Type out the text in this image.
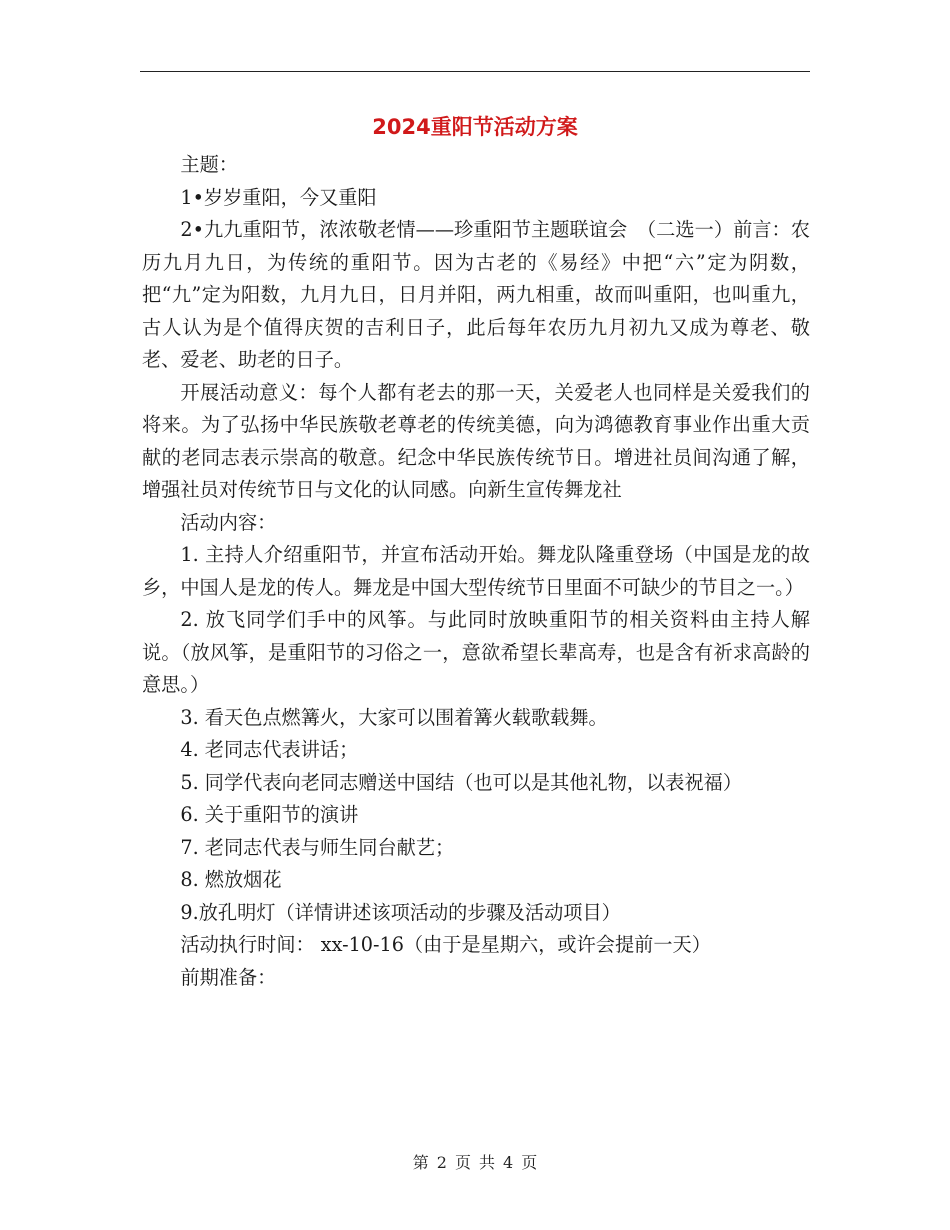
2024重阳节活动方案

主题：

1•岁岁重阳，今又重阳

2•九九重阳节，浓浓敬老情——珍重阳节主题联谊会　（二选一）前言：农历九月九日，为传统的重阳节。因为古老的《易经》中把“六”定为阴数，把“九”定为阳数，九月九日，日月并阳，两九相重，故而叫重阳，也叫重九，古人认为是个值得庆贺的吉利日子，此后每年农历九月初九又成为尊老、敬老、爱老、助老的日子。

开展活动意义：每个人都有老去的那一天，关爱老人也同样是关爱我们的将来。为了弘扬中华民族敬老尊老的传统美德，向为鸿德教育事业作出重大贡献的老同志表示崇高的敬意。纪念中华民族传统节日。增进社员间沟通了解，增强社员对传统节日与文化的认同感。向新生宣传舞龙社

活动内容：

1. 主持人介绍重阳节，并宣布活动开始。舞龙队隆重登场（中国是龙的故乡，中国人是龙的传人。舞龙是中国大型传统节日里面不可缺少的节目之一。）

2. 放飞同学们手中的风筝。与此同时放映重阳节的相关资料由主持人解说。（放风筝，是重阳节的习俗之一，意欲希望长辈高寿，也是含有祈求高龄的意思。）

3. 看天色点燃篝火，大家可以围着篝火载歌载舞。

4. 老同志代表讲话；

5. 同学代表向老同志赠送中国结（也可以是其他礼物，以表祝福）

6. 关于重阳节的演讲

7. 老同志代表与师生同台献艺；

8. 燃放烟花

9.放孔明灯（详情讲述该项活动的步骤及活动项目）

活动执行时间： xx-10-16（由于是星期六，或许会提前一天）

前期准备：

第 2 页 共 4 页
